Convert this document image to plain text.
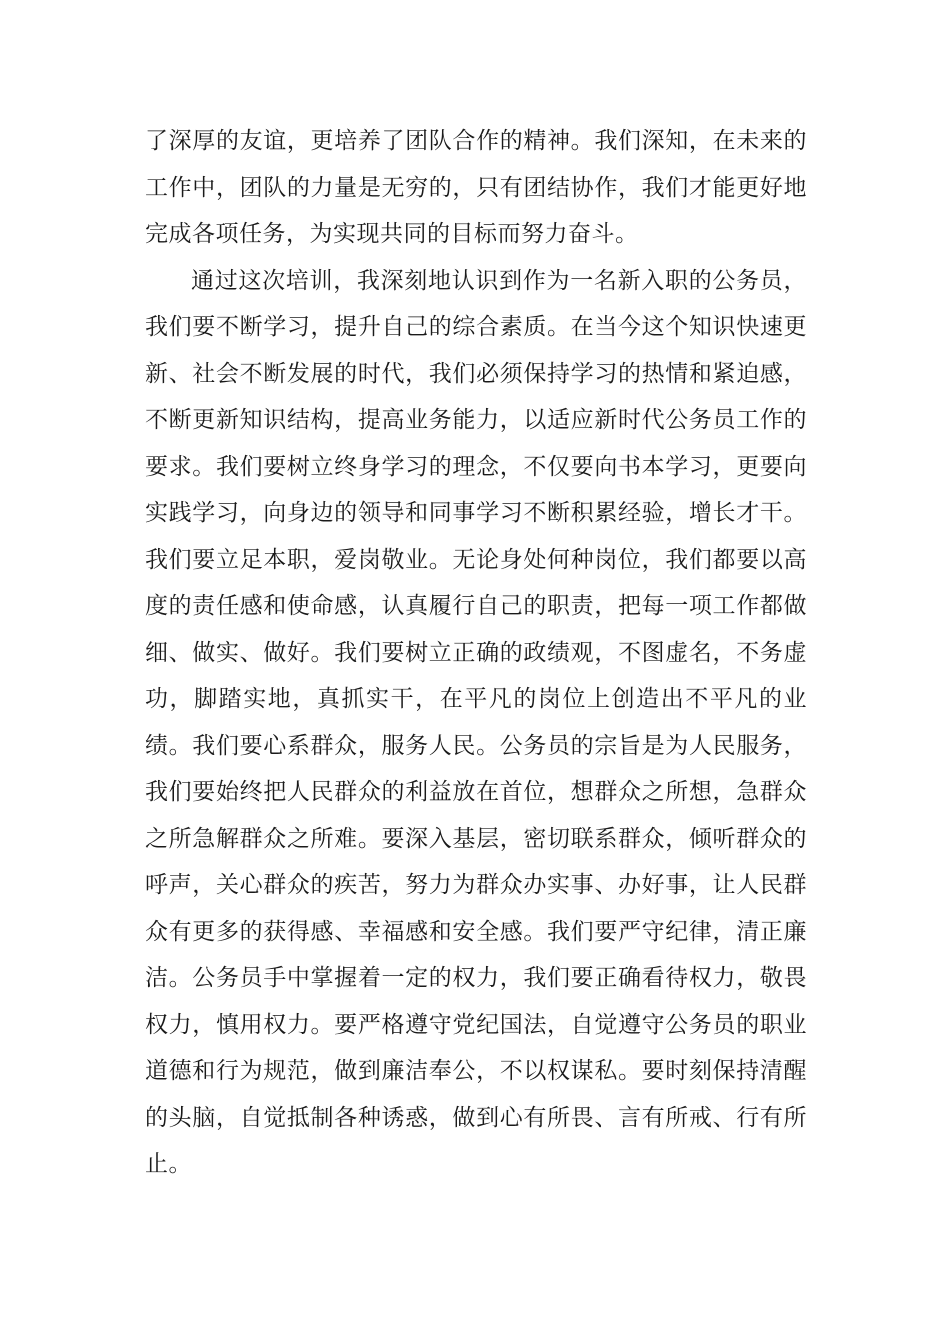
了深厚的友谊，更培养了团队合作的精神。我们深知，在未来的工作中，团队的力量是无穷的，只有团结协作，我们才能更好地完成各项任务，为实现共同的目标而努力奋斗。

通过这次培训，我深刻地认识到作为一名新入职的公务员，我们要不断学习，提升自己的综合素质。在当今这个知识快速更新、社会不断发展的时代，我们必须保持学习的热情和紧迫感，不断更新知识结构，提高业务能力，以适应新时代公务员工作的要求。我们要树立终身学习的理念，不仅要向书本学习，更要向实践学习，向身边的领导和同事学习不断积累经验，增长才干。我们要立足本职，爱岗敬业。无论身处何种岗位，我们都要以高度的责任感和使命感，认真履行自己的职责，把每一项工作都做细、做实、做好。我们要树立正确的政绩观，不图虚名，不务虚功，脚踏实地，真抓实干，在平凡的岗位上创造出不平凡的业绩。我们要心系群众，服务人民。公务员的宗旨是为人民服务，我们要始终把人民群众的利益放在首位，想群众之所想，急群众之所急解群众之所难。要深入基层，密切联系群众，倾听群众的呼声，关心群众的疾苦，努力为群众办实事、办好事，让人民群众有更多的获得感、幸福感和安全感。我们要严守纪律，清正廉洁。公务员手中掌握着一定的权力，我们要正确看待权力，敬畏权力，慎用权力。要严格遵守党纪国法，自觉遵守公务员的职业道德和行为规范，做到廉洁奉公，不以权谋私。要时刻保持清醒的头脑，自觉抵制各种诱惑，做到心有所畏、言有所戒、行有所止。
